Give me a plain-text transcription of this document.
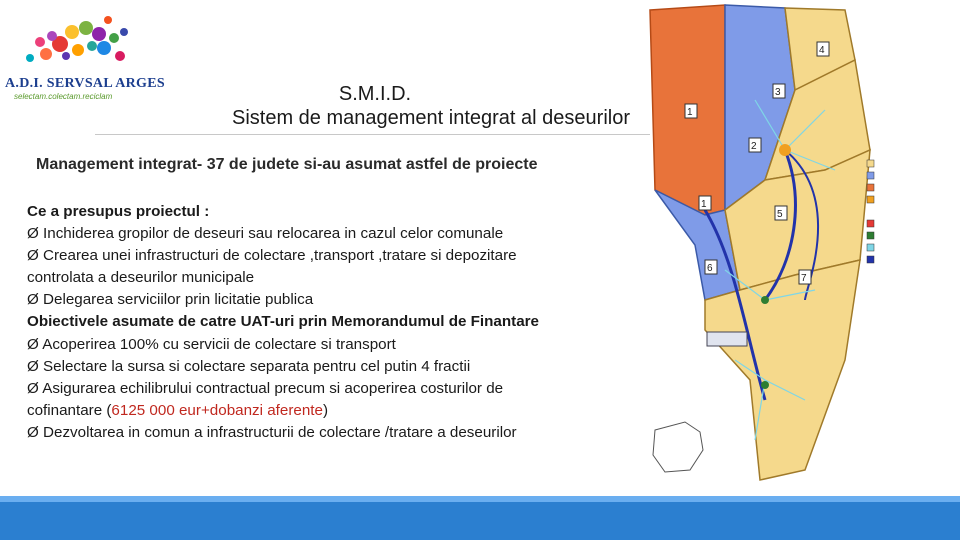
A.D.I. SERVSAL ARGES
selectam.colectam.reciclam	S.M.I.D.
Sistem de management integrat al deseurilor
Management integrat- 37 de judete si-au asumat astfel de proiecte
Ce a presupus proiectul :
Ø Inchiderea gropilor de deseuri sau relocarea in cazul celor comunale
Ø Crearea unei infrastructuri de colectare ,transport ,tratare si depozitare
controlata a deseurilor municipale
Ø Delegarea serviciilor prin licitatie publica
Obiectivele asumate de catre UAT-uri prin Memorandumul de Finantare
Ø Acoperirea 100% cu servicii de colectare si transport
Ø Selectare la sursa si colectare separata pentru cel putin 4 fractii
Ø Asigurarea echilibrului contractual precum si acoperirea costurilor de
cofinantare (6125 000 eur+dobanzi aferente)
Ø Dezvoltarea in comun a infrastructurii de colectare /tratare a deseurilor
4
3
1
2
1
5
6
7
